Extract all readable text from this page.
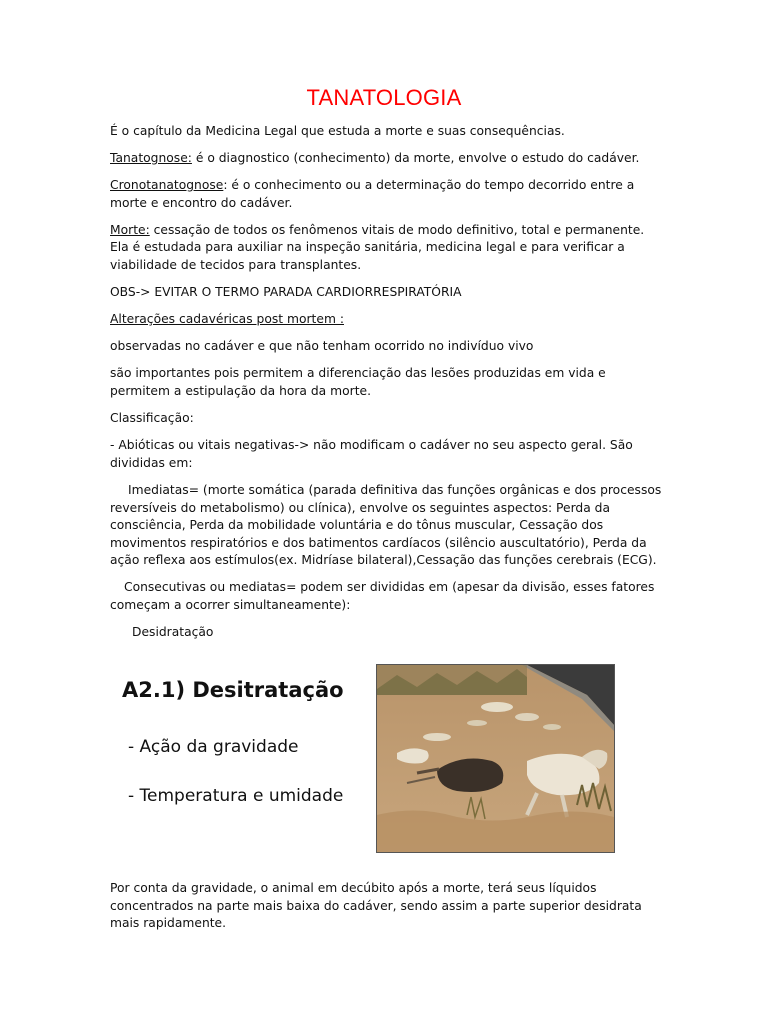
TANATOLOGIA

É o capítulo da Medicina Legal que estuda a morte e suas consequências.

Tanatognose: é o diagnostico (conhecimento) da morte, envolve o estudo do cadáver.

Cronotanatognose: é o conhecimento ou a determinação do tempo decorrido entre a morte e encontro do cadáver.

Morte: cessação de todos os fenômenos vitais de modo definitivo, total e permanente. Ela é estudada para auxiliar na inspeção sanitária, medicina legal e para verificar a viabilidade de tecidos para transplantes.

OBS-> EVITAR O TERMO PARADA CARDIORRESPIRATÓRIA

Alterações cadavéricas post mortem :

observadas no cadáver e que não tenham ocorrido no indivíduo vivo

são importantes pois permitem a diferenciação das lesões produzidas em vida e permitem a estipulação da hora da morte.

Classificação:

- Abióticas ou vitais negativas-> não modificam o cadáver no seu aspecto geral. São divididas em:

Imediatas= (morte somática (parada definitiva das funções orgânicas e dos processos reversíveis do metabolismo) ou clínica), envolve os seguintes aspectos: Perda da consciência, Perda da mobilidade voluntária e do tônus muscular, Cessação dos movimentos respiratórios e dos batimentos cardíacos (silêncio auscultatório), Perda da ação reflexa aos estímulos(ex. Midríase bilateral),Cessação das funções cerebrais (ECG).

Consecutivas ou mediatas= podem ser divididas em (apesar da divisão, esses fatores começam a ocorrer simultaneamente):

Desidratação

A2.1) Desitratação
- Ação da gravidade
- Temperatura e umidade

Por conta da gravidade, o animal em decúbito após a morte, terá seus líquidos concentrados na parte mais baixa do cadáver, sendo assim a parte superior desidrata mais rapidamente.
